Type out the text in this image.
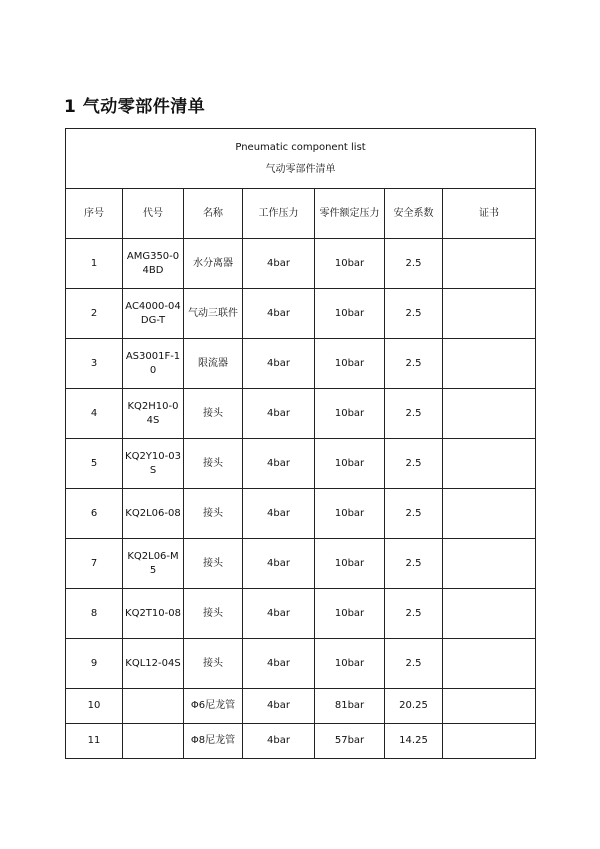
1 气动零部件清单
Pneumatic component list
气动零部件清单						

序号	代号	名称	工作压力	零件额定压力	安全系数	证书
1	AMG350-04BD	水分离器	4bar	10bar	2.5	
2	AC4000-04DG-T	气动三联件	4bar	10bar	2.5	
3	AS3001F-10	限流器	4bar	10bar	2.5	
4	KQ2H10-04S	接头	4bar	10bar	2.5	
5	KQ2Y10-03S	接头	4bar	10bar	2.5	
6	KQ2L06-08	接头	4bar	10bar	2.5	
7	KQ2L06-M5	接头	4bar	10bar	2.5	
8	KQ2T10-08	接头	4bar	10bar	2.5	
9	KQL12-04S	接头	4bar	10bar	2.5	
10		Φ6尼龙管	4bar	81bar	20.25	
11		Φ8尼龙管	4bar	57bar	14.25	
